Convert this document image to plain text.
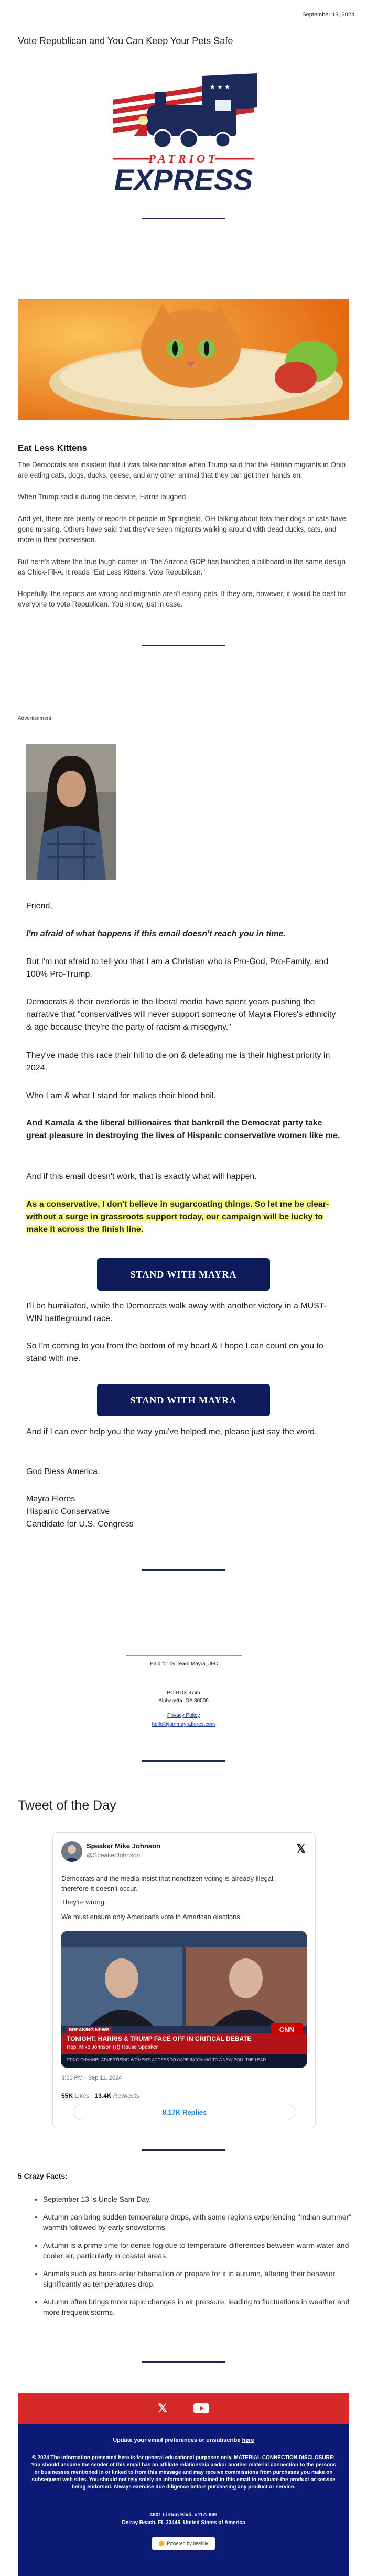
September 13, 2024
Vote Republican and You Can Keep Your Pets Safe
★ ★ ★
PATRIOT
EXPRESS
Eat Less Kittens

The Democrats are insistent that it was false narrative when Trump said that the Haitian migrants in Ohio are eating cats, dogs, ducks, geese, and any other animal that they can get their hands on.

When Trump said it during the debate, Harris laughed.

And yet, there are plenty of reports of people in Springfield, OH talking about how their dogs or cats have gone missing. Others have said that they've seen migrants walking around with dead ducks, cats, and more in their possession.

But here's where the true laugh comes in: The Arizona GOP has launched a billboard in the same design as Chick-Fil-A. It reads "Eat Less Kittens. Vote Republican."

Hopefully, the reports are wrong and migrants aren't eating pets. If they are, however, it would be best for everyone to vote Republican. You know, just in case.

Advertisement

Friend,

I'm afraid of what happens if this email doesn't reach you in time.

But I'm not afraid to tell you that I am a Christian who is Pro-God, Pro-Family, and 100% Pro-Trump.

Democrats & their overlords in the liberal media have spent years pushing the narrative that "conservatives will never support someone of Mayra Flores's ethnicity & age because they're the party of racism & misogyny."

They've made this race their hill to die on & defeating me is their highest priority in 2024.

Who I am & what I stand for makes their blood boil.

And Kamala & the liberal billionaires that bankroll the Democrat party take great pleasure in destroying the lives of Hispanic conservative women like me.

And if this email doesn't work, that is exactly what will happen.

As a conservative, I don't believe in sugarcoating things. So let me be clear- without a surge in grassroots support today, our campaign will be lucky to make it across the finish line.

STAND WITH MAYRA

I'll be humiliated, while the Democrats walk away with another victory in a MUST-WIN battleground race.

So I'm coming to you from the bottom of my heart & I hope I can count on you to stand with me.

STAND WITH MAYRA

And if I can ever help you the way you've helped me, please just say the word.

God Bless America,

Mayra Flores

Hispanic Conservative

Candidate for U.S. Congress

Paid for by Team Mayra, JFC
PO BOX 3745
Alpharetta, GA 30009
Privacy Policy
hello@joinmayraflores.com
Tweet of the Day
Speaker Mike Johnson
@SpeakerJohnson	𝕏
Democrats and the media insist that noncitizen voting is already illegal, therefore it doesn't occur.
They're wrong.
We must ensure only Americans vote in American elections.
CNN
BREAKING NEWS
TONIGHT: HARRIS & TRUMP FACE OFF IN CRITICAL DEBATE
Rep. Mike Johnson (R) House Speaker
FTING CHANNEL ADVERTISING WOMEN'S ACCESS TO CARE INCOMING TO A NEW POLL THE LEAD
3:56 PM · Sep 11, 2024
55K Likes 13.4K Retweets
8.17K Replies
5 Crazy Facts:
• September 13 is Uncle Sam Day.
• Autumn can bring sudden temperature drops, with some regions experiencing "Indian summer" warmth followed by early snowstorms.
• Autumn is a prime time for dense fog due to temperature differences between warm water and cooler air, particularly in coastal areas.
• Animals such as bears enter hibernation or prepare for it in autumn, altering their behavior significantly as temperatures drop.
• Autumn often brings more rapid changes in air pressure, leading to fluctuations in weather and more frequent storms.
𝕏
Update your email preferences or unsubscribe here
© 2024 The information presented here is for general educational purposes only. MATERIAL CONNECTION DISCLOSURE: You should assume the sender of this email has an affiliate relationship and/or another material connection to the persons or businesses mentioned in or linked to from this message and may receive commissions from purchases you make on subsequent web sites. You should not rely solely on information contained in this email to evaluate the product or service being endorsed. Always exercise due diligence before purchasing any product or service.
4801 Linton Blvd. #11A-636
Delray Beach, FL 33445, United States of America
Powered by beehiiv
